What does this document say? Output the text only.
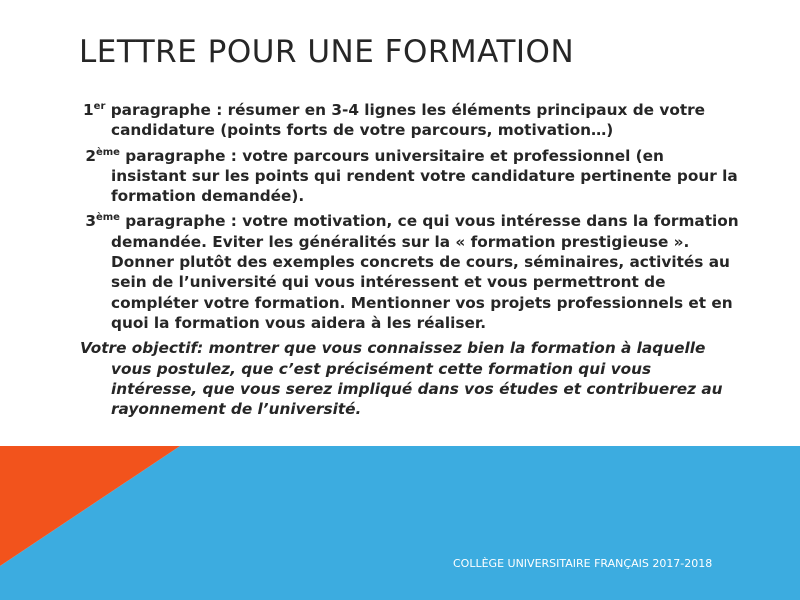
LETTRE POUR UNE FORMATION

1er paragraphe : résumer en 3-4 lignes les éléments principaux de votre candidature (points forts de votre parcours, motivation…)

2ème paragraphe : votre parcours universitaire et professionnel (en insistant sur les points qui rendent votre candidature pertinente pour la formation demandée).

3ème paragraphe : votre motivation, ce qui vous intéresse dans la formation demandée. Eviter les généralités sur la « formation prestigieuse ». Donner plutôt des exemples concrets de cours, séminaires, activités au sein de l’université qui vous intéressent et vous permettront de compléter votre formation. Mentionner vos projets professionnels et en quoi la formation vous aidera à les réaliser.

Votre objectif: montrer que vous connaissez bien la formation à laquelle vous postulez, que c’est précisément cette formation qui vous intéresse, que vous serez impliqué dans vos études et contribuerez au rayonnement de l’université.

COLLÈGE UNIVERSITAIRE FRANÇAIS 2017-2018
